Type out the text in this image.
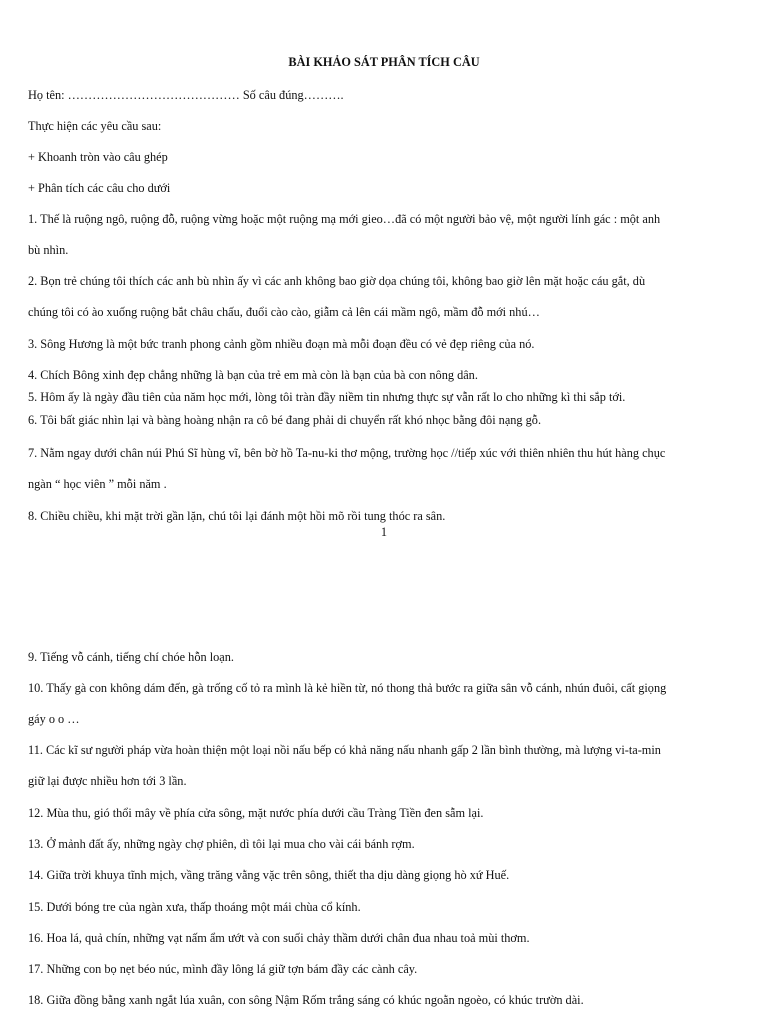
BÀI KHẢO SÁT PHÂN TÍCH CÂU
Họ tên: …………………………………… Số câu đúng……….
Thực hiện các yêu cầu sau:
+ Khoanh tròn vào câu ghép
+ Phân tích các câu cho dưới
1. Thế là ruộng ngô, ruộng đỗ, ruộng vừng hoặc một ruộng mạ mới gieo…đã có một người bảo vệ, một người lính gác : một anh
bù nhìn.
2. Bọn trẻ chúng tôi thích các anh bù nhìn ấy vì các anh không bao giờ dọa chúng tôi, không bao giờ lên mặt hoặc cáu gắt, dù
chúng tôi có ào xuống ruộng bắt châu chấu, đuổi cào cào, giẫm cả lên cái mầm ngô, mầm đỗ mới nhú…
3. Sông Hương là một bức tranh phong cảnh gồm nhiều đoạn mà mỗi đoạn đều có vẻ đẹp riêng của nó.
4. Chích Bông xinh đẹp chẳng những là bạn của trẻ em mà còn là bạn của bà con nông dân.
5. Hôm ấy là ngày đầu tiên của năm học mới, lòng tôi tràn đầy niềm tin nhưng thực sự vẫn rất lo cho những kì thi sắp tới.
6. Tôi bất giác nhìn lại và bàng hoàng nhận ra cô bé đang phải di chuyển rất khó nhọc bằng đôi nạng gỗ.
7. Nằm ngay dưới chân núi Phú Sĩ hùng vĩ, bên bờ hồ Ta-nu-ki thơ mộng, trường học //tiếp xúc với thiên nhiên thu hút hàng chục
ngàn “ học viên ” mỗi năm .
8. Chiều chiều, khi mặt trời gần lặn, chú tôi lại đánh một hồi mõ rồi tung thóc ra sân.
1
9. Tiếng vỗ cánh, tiếng chí chóe hỗn loạn.
10. Thấy gà con không dám đến, gà trống cố tỏ ra mình là kẻ hiền từ, nó thong thả bước ra giữa sân vỗ cánh, nhún đuôi, cất giọng
gáy o o …
11. Các kĩ sư người pháp vừa hoàn thiện một loại nồi nấu bếp có khả năng nấu nhanh gấp 2 lần bình thường, mà lượng vi-ta-min
giữ lại được nhiều hơn tới 3 lần.
12. Mùa thu, gió thổi mây về phía cửa sông, mặt nước phía dưới cầu Tràng Tiền đen sẫm lại.
13. Ở mảnh đất ấy, những ngày chợ phiên, dì tôi lại mua cho vài cái bánh rợm.
14. Giữa trời khuya tĩnh mịch, vầng trăng vằng vặc trên sông, thiết tha dịu dàng giọng hò xứ Huế.
15. Dưới bóng tre của ngàn xưa, thấp thoáng một mái chùa cổ kính.
16. Hoa lá, quả chín, những vạt nấm ẩm ướt và con suối chảy thầm dưới chân đua nhau toả mùi thơm.
17. Những con bọ nẹt béo núc, mình đầy lông lá giữ tợn bám đầy các cành cây.
18. Giữa đồng bằng xanh ngắt lúa xuân, con sông Nậm Rốm trắng sáng có khúc ngoằn ngoèo, có khúc trườn dài.
